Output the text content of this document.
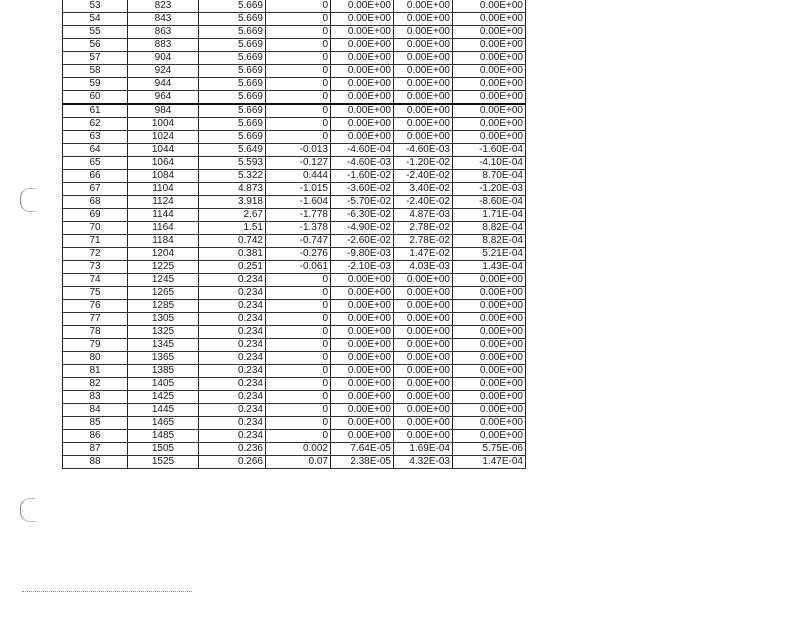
53	823	5.669	0	0.00E+00	0.00E+00	0.00E+00
54	843	5.669	0	0.00E+00	0.00E+00	0.00E+00
55	863	5.669	0	0.00E+00	0.00E+00	0.00E+00
56	883	5.669	0	0.00E+00	0.00E+00	0.00E+00
57	904	5.669	0	0.00E+00	0.00E+00	0.00E+00
58	924	5.669	0	0.00E+00	0.00E+00	0.00E+00
59	944	5.669	0	0.00E+00	0.00E+00	0.00E+00
60	964	5.669	0	0.00E+00	0.00E+00	0.00E+00
61	984	5.669	0	0.00E+00	0.00E+00	0.00E+00
62	1004	5.669	0	0.00E+00	0.00E+00	0.00E+00
63	1024	5.669	0	0.00E+00	0.00E+00	0.00E+00
64	1044	5.649	-0.013	-4.60E-04	-4.60E-03	-1.60E-04
65	1064	5.593	-0.127	-4.60E-03	-1.20E-02	-4.10E-04
66	1084	5.322	0.444	-1.60E-02	-2.40E-02	8.70E-04
67	1104	4.873	-1.015	-3.60E-02	3.40E-02	-1.20E-03
68	1124	3.918	-1.604	-5.70E-02	-2.40E-02	-8.60E-04
69	1144	2.67	-1.778	-6.30E-02	4.87E-03	1.71E-04
70	1164	1.51	-1.378	-4.90E-02	2.78E-02	8.82E-04
71	1184	0.742	-0.747	-2.60E-02	2.78E-02	8.82E-04
72	1204	0.381	-0.276	-9.80E-03	1.47E-02	5.21E-04
73	1225	0.251	-0.061	-2.10E-03	4.03E-03	1.43E-04
74	1245	0.234	0	0.00E+00	0.00E+00	0.00E+00
75	1265	0.234	0	0.00E+00	0.00E+00	0.00E+00
76	1285	0.234	0	0.00E+00	0.00E+00	0.00E+00
77	1305	0.234	0	0.00E+00	0.00E+00	0.00E+00
78	1325	0.234	0	0.00E+00	0.00E+00	0.00E+00
79	1345	0.234	0	0.00E+00	0.00E+00	0.00E+00
80	1365	0.234	0	0.00E+00	0.00E+00	0.00E+00
81	1385	0.234	0	0.00E+00	0.00E+00	0.00E+00
82	1405	0.234	0	0.00E+00	0.00E+00	0.00E+00
83	1425	0.234	0	0.00E+00	0.00E+00	0.00E+00
84	1445	0.234	0	0.00E+00	0.00E+00	0.00E+00
85	1465	0.234	0	0.00E+00	0.00E+00	0.00E+00
86	1485	0.234	0	0.00E+00	0.00E+00	0.00E+00
87	1505	0.236	0.002	7.64E-05	1.69E-04	5.75E-06
88	1525	0.266	0.07	2.38E-05	4.32E-03	1.47E-04
